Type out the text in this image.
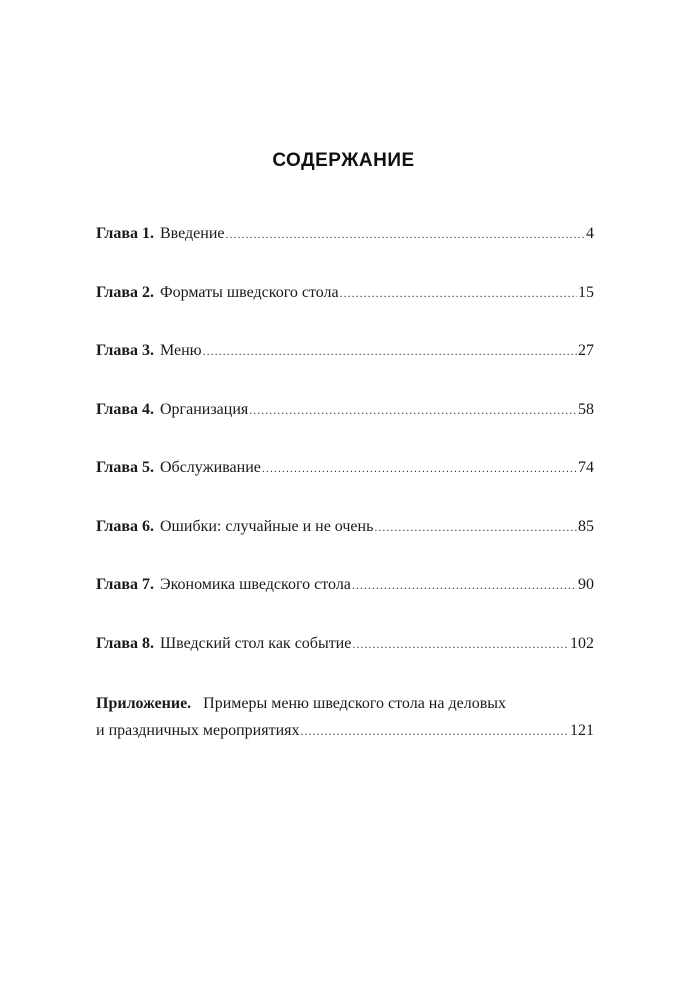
СОДЕРЖАНИЕ
Глава 1. Введение .....	4
Глава 2. Форматы шведского стола .....	15
Глава 3. Меню .....	27
Глава 4. Организация .....	58
Глава 5. Обслуживание .....	74
Глава 6. Ошибки: случайные и не очень .....	85
Глава 7. Экономика шведского стола .....	90
Глава 8. Шведский стол как событие .....	102
Приложение. Примеры меню шведского стола на деловых
и праздничных мероприятиях .....	121
